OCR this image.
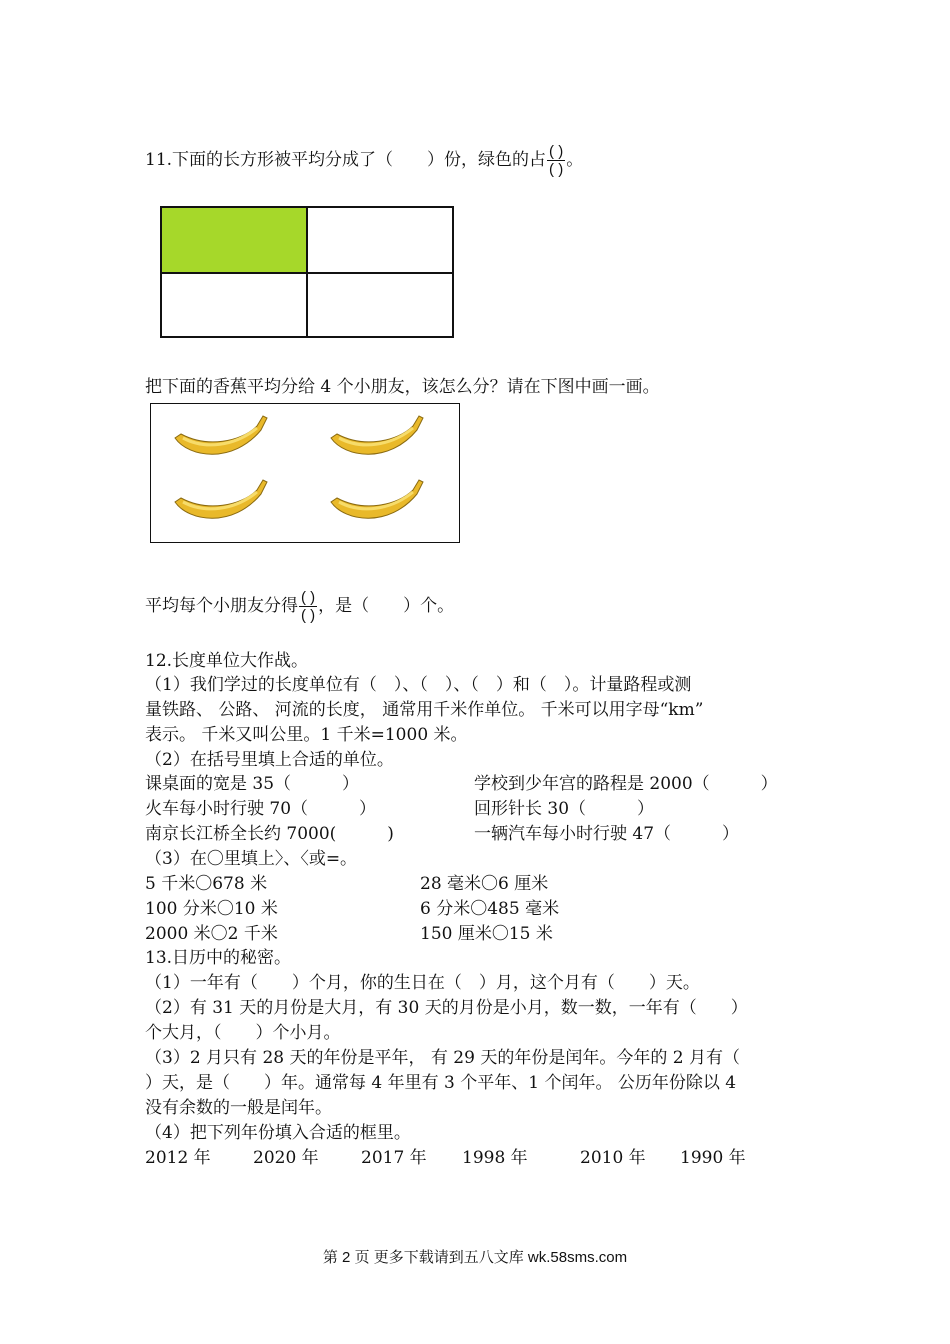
11.下面的长方形被平均分成了（　　）份，绿色的占 $\frac{( )}{( )}$ 。
把下面的香蕉平均分给 4 个小朋友，该怎么分？请在下图中画一画。
平均每个小朋友分得 $\frac{( )}{( )}$ ，是（　　）个。
12.长度单位大作战。
（1）我们学过的长度单位有（　）、（　）、（　）和（　）。计量路程或测
量铁路、 公路、 河流的长度， 通常用千米作单位。 千米可以用字母“km”
表示。 千米又叫公里。1 千米=1000 米。
（2）在括号里填上合适的单位。
课桌面的宽是 35（　　　）	学校到少年宫的路程是 2000（　　　）
火车每小时行驶 70（　　　）	回形针长 30（　　　）
南京长江桥全长约 7000(　　　)	一辆汽车每小时行驶 47（　　　）
（3）在〇里填上〉、〈或=。
5 千米〇678 米	28 毫米〇6 厘米
100 分米〇10 米	6 分米〇485 毫米
2000 米〇2 千米	150 厘米〇15 米
13.日历中的秘密。
（1）一年有（　　）个月，你的生日在（　）月，这个月有（　　）天。
（2）有 31 天的月份是大月，有 30 天的月份是小月，数一数，一年有（　　）
个大月，（　　）个小月。
（3）2 月只有 28 天的年份是平年， 有 29 天的年份是闰年。今年的 2 月有（
）天，是（　　）年。通常每 4 年里有 3 个平年、1 个闰年。 公历年份除以 4
没有余数的一般是闰年。
（4）把下列年份填入合适的框里。
2012 年 2020 年 2017 年 1998 年	2010 年 1990 年
第 2 页 更多下载请到五八文库 wk.58sms.com
